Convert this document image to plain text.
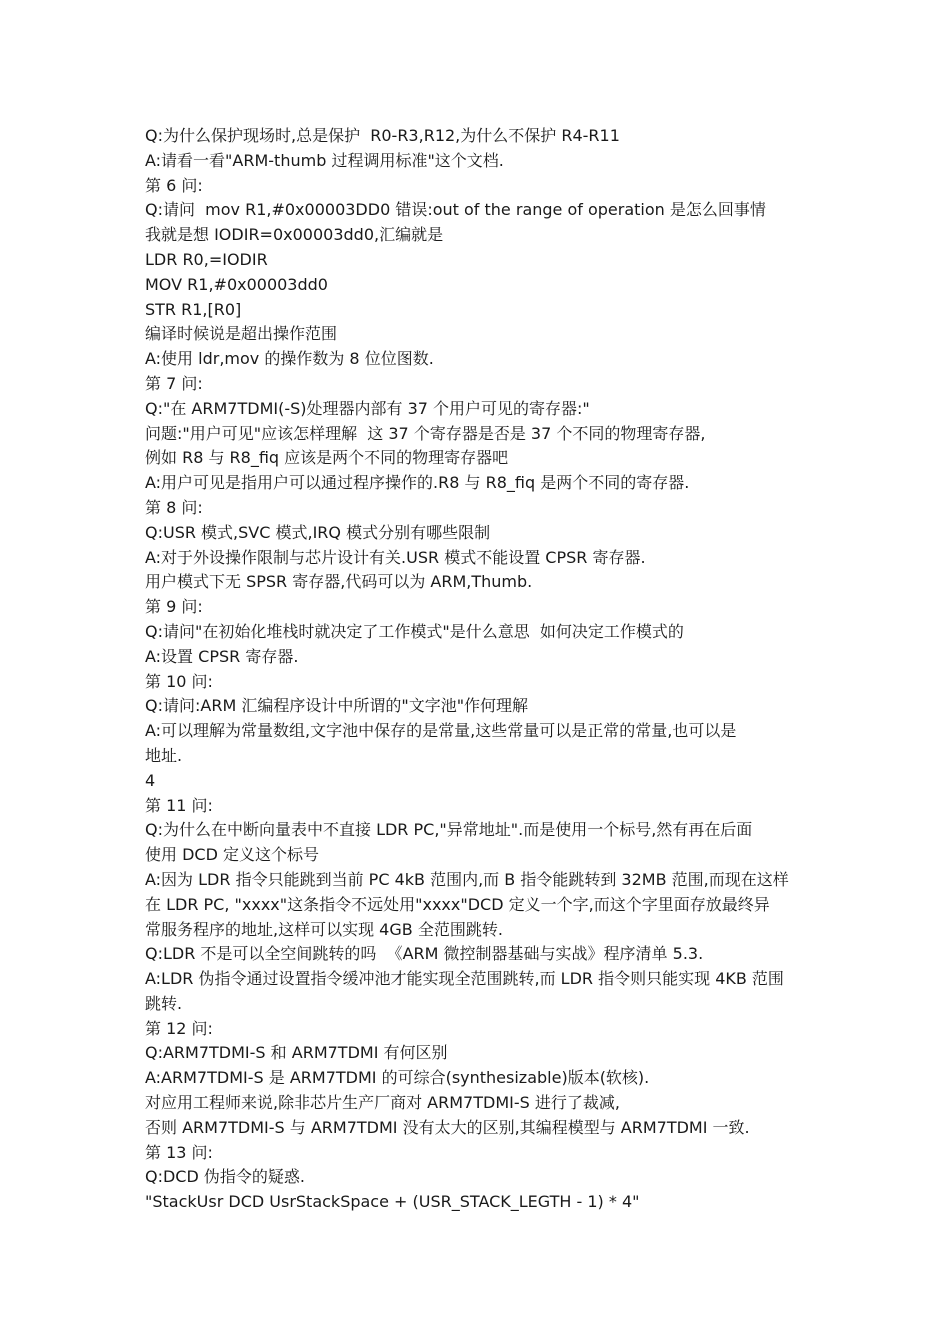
Q:为什么保护现场时,总是保护  R0-R3,R12,为什么不保护 R4-R11
A:请看一看"ARM-thumb 过程调用标准"这个文档.
第 6 问:
Q:请问  mov R1,#0x00003DD0 错误:out of the range of operation 是怎么回事情
我就是想 IODIR=0x00003dd0,汇编就是
LDR R0,=IODIR
MOV R1,#0x00003dd0
STR R1,[R0]
编译时候说是超出操作范围
A:使用 ldr,mov 的操作数为 8 位位图数.
第 7 问:
Q:"在 ARM7TDMI(-S)处理器内部有 37 个用户可见的寄存器:"
问题:"用户可见"应该怎样理解  这 37 个寄存器是否是 37 个不同的物理寄存器,
例如 R8 与 R8_fiq 应该是两个不同的物理寄存器吧
A:用户可见是指用户可以通过程序操作的.R8 与 R8_fiq 是两个不同的寄存器.
第 8 问:
Q:USR 模式,SVC 模式,IRQ 模式分别有哪些限制
A:对于外设操作限制与芯片设计有关.USR 模式不能设置 CPSR 寄存器.
用户模式下无 SPSR 寄存器,代码可以为 ARM,Thumb.
第 9 问:
Q:请问"在初始化堆栈时就决定了工作模式"是什么意思  如何决定工作模式的
A:设置 CPSR 寄存器.
第 10 问:
Q:请问:ARM 汇编程序设计中所谓的"文字池"作何理解
A:可以理解为常量数组,文字池中保存的是常量,这些常量可以是正常的常量,也可以是
地址.
4
第 11 问:
Q:为什么在中断向量表中不直接 LDR PC,"异常地址".而是使用一个标号,然有再在后面
使用 DCD 定义这个标号
A:因为 LDR 指令只能跳到当前 PC 4kB 范围内,而 B 指令能跳转到 32MB 范围,而现在这样
在 LDR PC, "xxxx"这条指令不远处用"xxxx"DCD 定义一个字,而这个字里面存放最终异
常服务程序的地址,这样可以实现 4GB 全范围跳转.
Q:LDR 不是可以全空间跳转的吗  《ARM 微控制器基础与实战》程序清单 5.3.
A:LDR 伪指令通过设置指令缓冲池才能实现全范围跳转,而 LDR 指令则只能实现 4KB 范围
跳转.
第 12 问:
Q:ARM7TDMI-S 和 ARM7TDMI 有何区别
A:ARM7TDMI-S 是 ARM7TDMI 的可综合(synthesizable)版本(软核).
对应用工程师来说,除非芯片生产厂商对 ARM7TDMI-S 进行了裁减,
否则 ARM7TDMI-S 与 ARM7TDMI 没有太大的区别,其编程模型与 ARM7TDMI 一致.
第 13 问:
Q:DCD 伪指令的疑惑.
"StackUsr DCD UsrStackSpace + (USR_STACK_LEGTH - 1) * 4"
